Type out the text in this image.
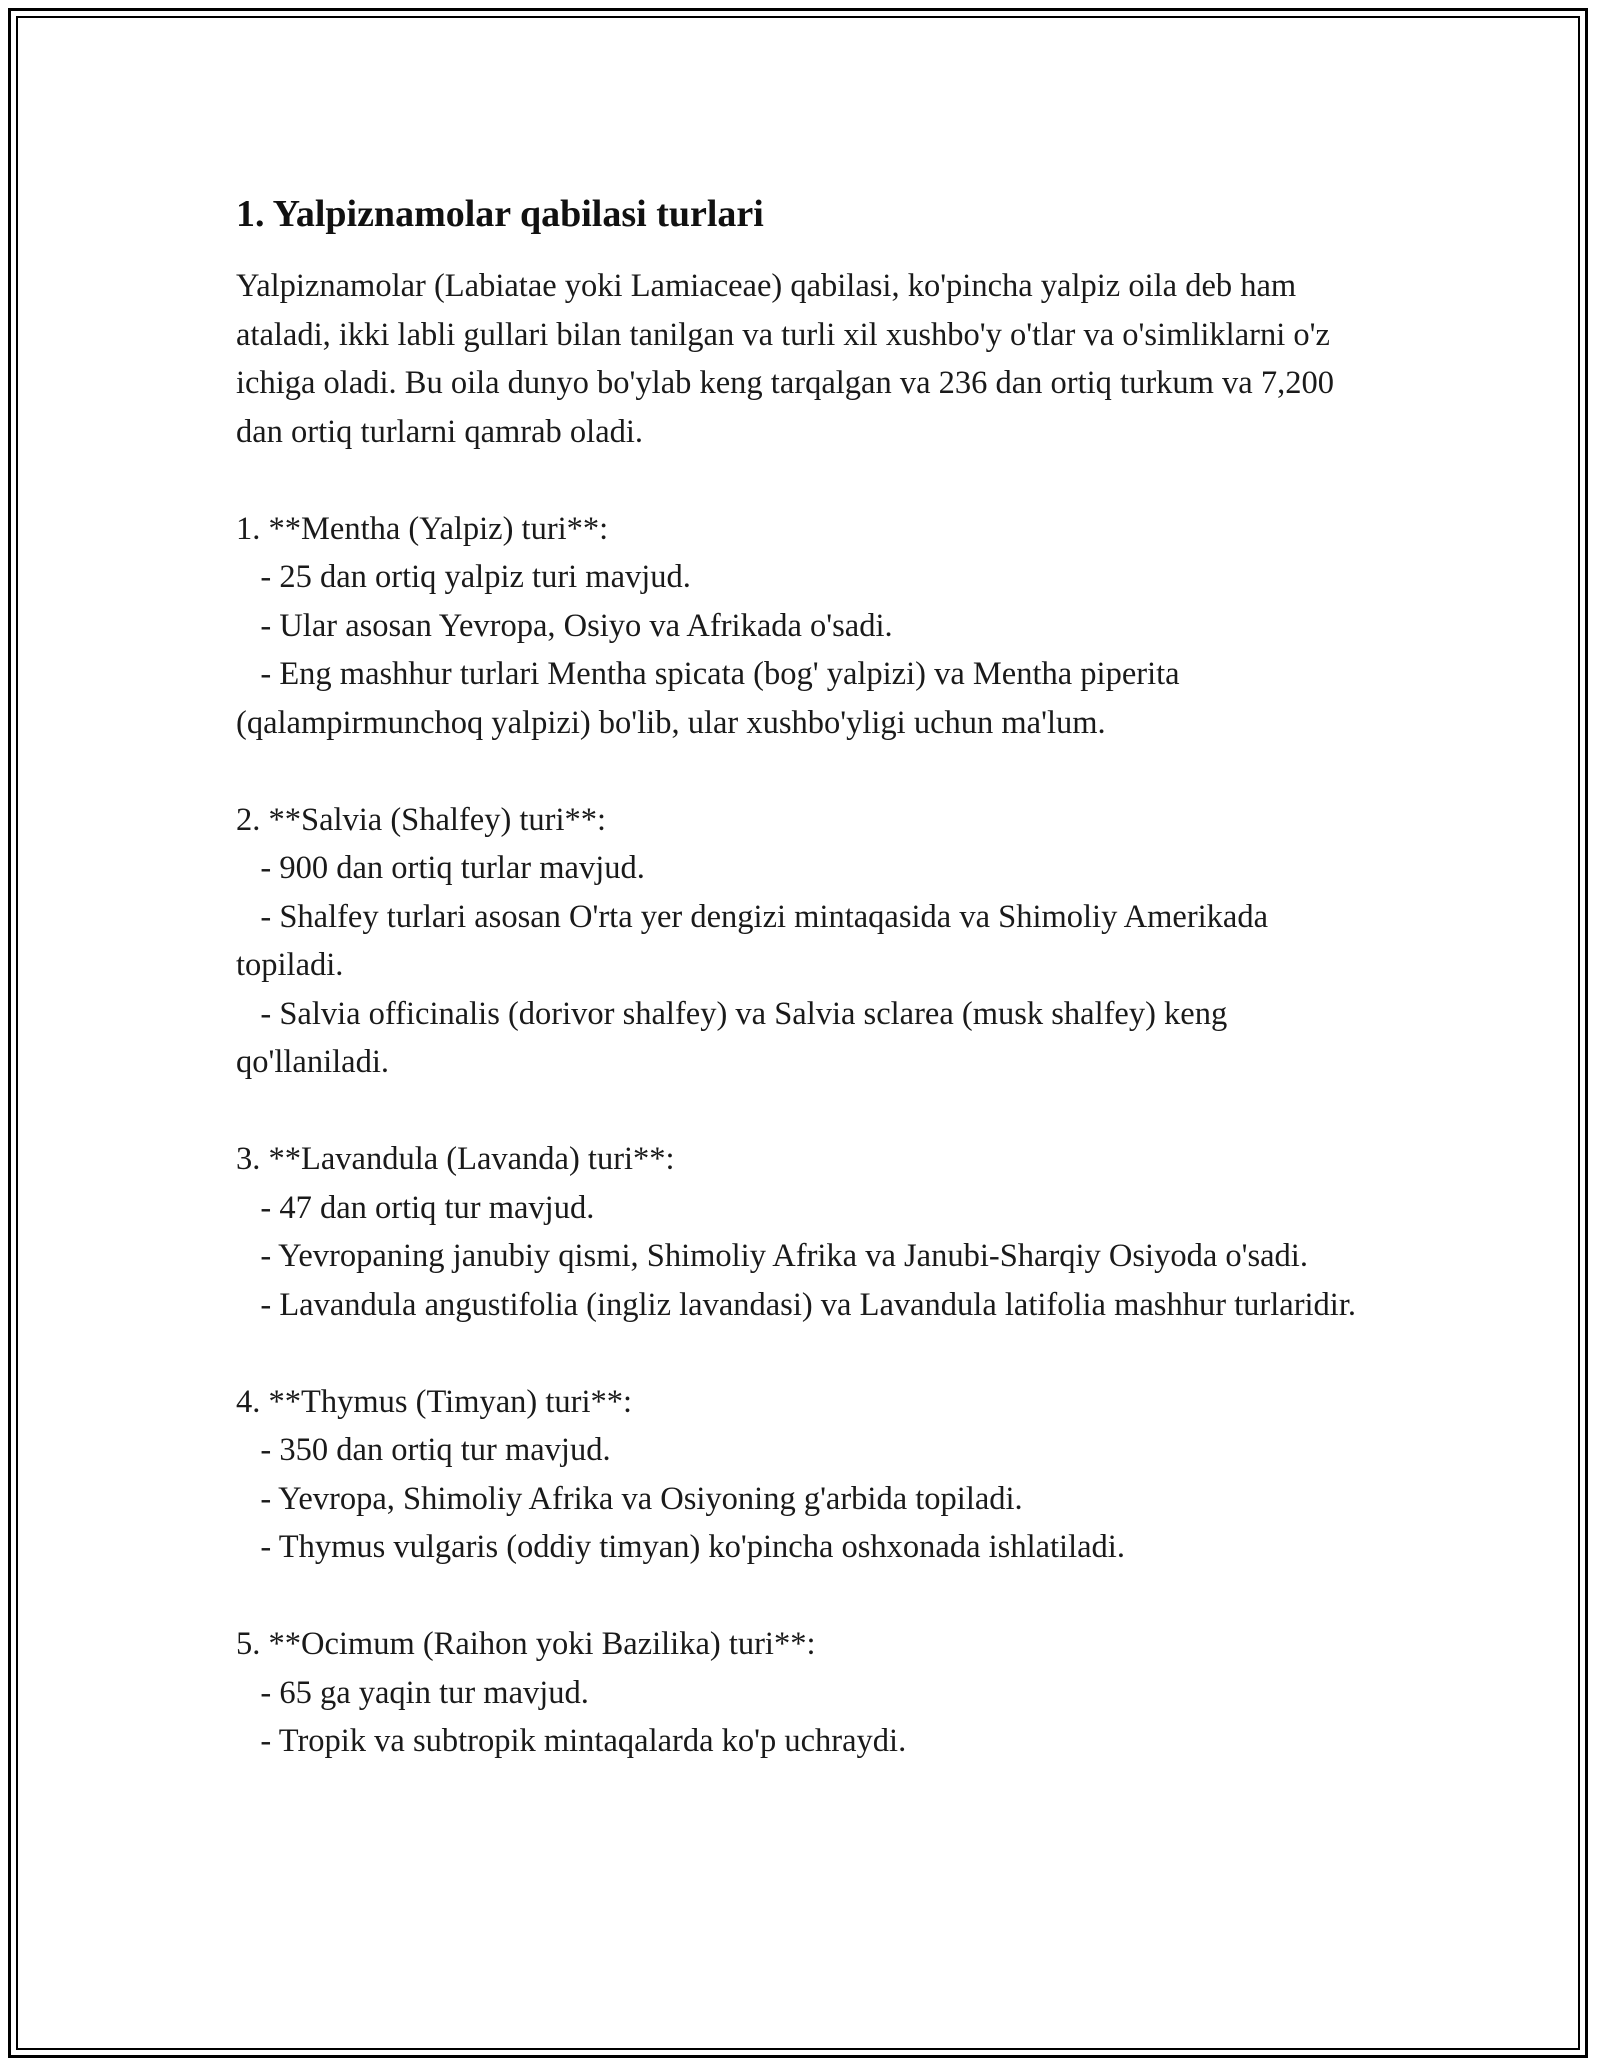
1. Yalpiznamolar qabilasi turlari

Yalpiznamolar (Labiatae yoki Lamiaceae) qabilasi, ko'pincha yalpiz oila deb ham ataladi, ikki labli gullari bilan tanilgan va turli xil xushbo'y o'tlar va o'simliklarni o'z ichiga oladi. Bu oila dunyo bo'ylab keng tarqalgan va 236 dan ortiq turkum va 7,200 dan ortiq turlarni qamrab oladi.

1. **Mentha (Yalpiz) turi**:

- 25 dan ortiq yalpiz turi mavjud.

- Ular asosan Yevropa, Osiyo va Afrikada o'sadi.

- Eng mashhur turlari Mentha spicata (bog' yalpizi) va Mentha piperita (qalampirmunchoq yalpizi) bo'lib, ular xushbo'yligi uchun ma'lum.

2. **Salvia (Shalfey) turi**:

- 900 dan ortiq turlar mavjud.

- Shalfey turlari asosan O'rta yer dengizi mintaqasida va Shimoliy Amerikada topiladi.

- Salvia officinalis (dorivor shalfey) va Salvia sclarea (musk shalfey) keng qo'llaniladi.

3. **Lavandula (Lavanda) turi**:

- 47 dan ortiq tur mavjud.

- Yevropaning janubiy qismi, Shimoliy Afrika va Janubi-Sharqiy Osiyoda o'sadi.

- Lavandula angustifolia (ingliz lavandasi) va Lavandula latifolia mashhur turlaridir.

4. **Thymus (Timyan) turi**:

- 350 dan ortiq tur mavjud.

- Yevropa, Shimoliy Afrika va Osiyoning g'arbida topiladi.

- Thymus vulgaris (oddiy timyan) ko'pincha oshxonada ishlatiladi.

5. **Ocimum (Raihon yoki Bazilika) turi**:

- 65 ga yaqin tur mavjud.

- Tropik va subtropik mintaqalarda ko'p uchraydi.
